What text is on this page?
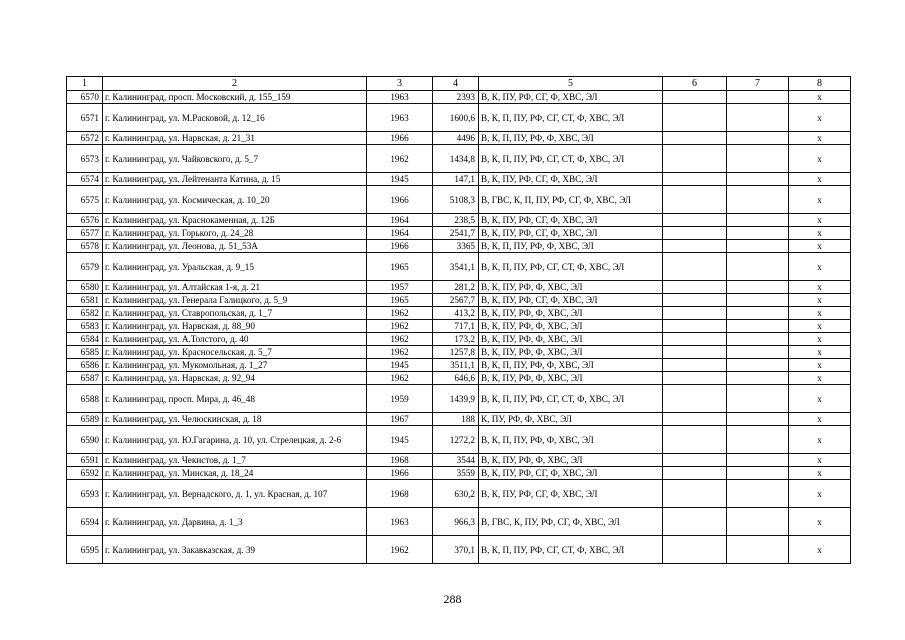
1	2	3	4	5	6	7	8
6570	г. Калининград, просп. Московский, д. 155_159	1963	2393	В, К, ПУ, РФ, СГ, Ф, ХВС, ЭЛ			x
6571	г. Калининград, ул. М.Расковой, д. 12_16	1963	1600,6	В, К, П, ПУ, РФ, СГ, СТ, Ф, ХВС, ЭЛ			x
6572	г. Калининград, ул. Нарвская, д. 21_31	1966	4496	В, К, П, ПУ, РФ, Ф, ХВС, ЭЛ			x
6573	г. Калининград, ул. Чайковского, д. 5_7	1962	1434,8	В, К, П, ПУ, РФ, СГ, СТ, Ф, ХВС, ЭЛ			x
6574	г. Калининград, ул. Лейтенанта Катина, д. 15	1945	147,1	В, К, ПУ, РФ, СГ, Ф, ХВС, ЭЛ			x
6575	г. Калининград, ул. Космическая, д. 10_20	1966	5108,3	В, ГВС, К, П, ПУ, РФ, СГ, Ф, ХВС, ЭЛ			x
6576	г. Калининград, ул. Краснокаменная, д. 12Б	1964	238,5	В, К, ПУ, РФ, СГ, Ф, ХВС, ЭЛ			x
6577	г. Калининград, ул. Горького, д. 24_28	1964	2541,7	В, К, ПУ, РФ, СГ, Ф, ХВС, ЭЛ			x
6578	г. Калининград, ул. Леонова, д. 51_53А	1966	3365	В, К, П, ПУ, РФ, Ф, ХВС, ЭЛ			x
6579	г. Калининград, ул. Уральская, д. 9_15	1965	3541,1	В, К, П, ПУ, РФ, СГ, СТ, Ф, ХВС, ЭЛ			x
6580	г. Калининград, ул. Алтайская 1-я, д. 21	1957	281,2	В, К, ПУ, РФ, Ф, ХВС, ЭЛ			x
6581	г. Калининград, ул. Генерала Галицкого, д. 5_9	1965	2567,7	В, К, ПУ, РФ, СГ, Ф, ХВС, ЭЛ			x
6582	г. Калининград, ул. Ставропольская, д. 1_7	1962	413,2	В, К, ПУ, РФ, Ф, ХВС, ЭЛ			x
6583	г. Калининград, ул. Нарвская, д. 88_90	1962	717,1	В, К, ПУ, РФ, Ф, ХВС, ЭЛ			x
6584	г. Калининград, ул. А.Толстого, д. 40	1962	173,2	В, К, ПУ, РФ, Ф, ХВС, ЭЛ			x
6585	г. Калининград, ул. Красносельская, д. 5_7	1962	1257,8	В, К, ПУ, РФ, Ф, ХВС, ЭЛ			x
6586	г. Калининград, ул. Мукомольная, д. 1_27	1945	3511,1	В, К, П, ПУ, РФ, Ф, ХВС, ЭЛ			x
6587	г. Калининград, ул. Нарвская, д. 92_94	1962	646,6	В, К, ПУ, РФ, Ф, ХВС, ЭЛ			x
6588	г. Калининград, просп. Мира, д. 46_48	1959	1439,9	В, К, П, ПУ, РФ, СГ, СТ, Ф, ХВС, ЭЛ			x
6589	г. Калининград, ул. Челюскинская, д. 18	1967	188	К, ПУ, РФ, Ф, ХВС, ЭЛ			x
6590	г. Калининград, ул. Ю.Гагарина, д. 10, ул. Стрелецкая, д. 2-6	1945	1272,2	В, К, П, ПУ, РФ, Ф, ХВС, ЭЛ			x
6591	г. Калининград, ул. Чекистов, д. 1_7	1968	3544	В, К, ПУ, РФ, Ф, ХВС, ЭЛ			x
6592	г. Калининград, ул. Минская, д. 18_24	1966	3559	В, К, ПУ, РФ, СГ, Ф, ХВС, ЭЛ			x
6593	г. Калининград, ул. Вернадского, д. 1, ул. Красная, д. 107	1968	630,2	В, К, ПУ, РФ, СГ, Ф, ХВС, ЭЛ			x
6594	г. Калининград, ул. Дарвина, д. 1_3	1963	966,3	В, ГВС, К, ПУ, РФ, СГ, Ф, ХВС, ЭЛ			x
6595	г. Калининград, ул. Закавказская, д. 39	1962	370,1	В, К, П, ПУ, РФ, СГ, СТ, Ф, ХВС, ЭЛ			x
288
